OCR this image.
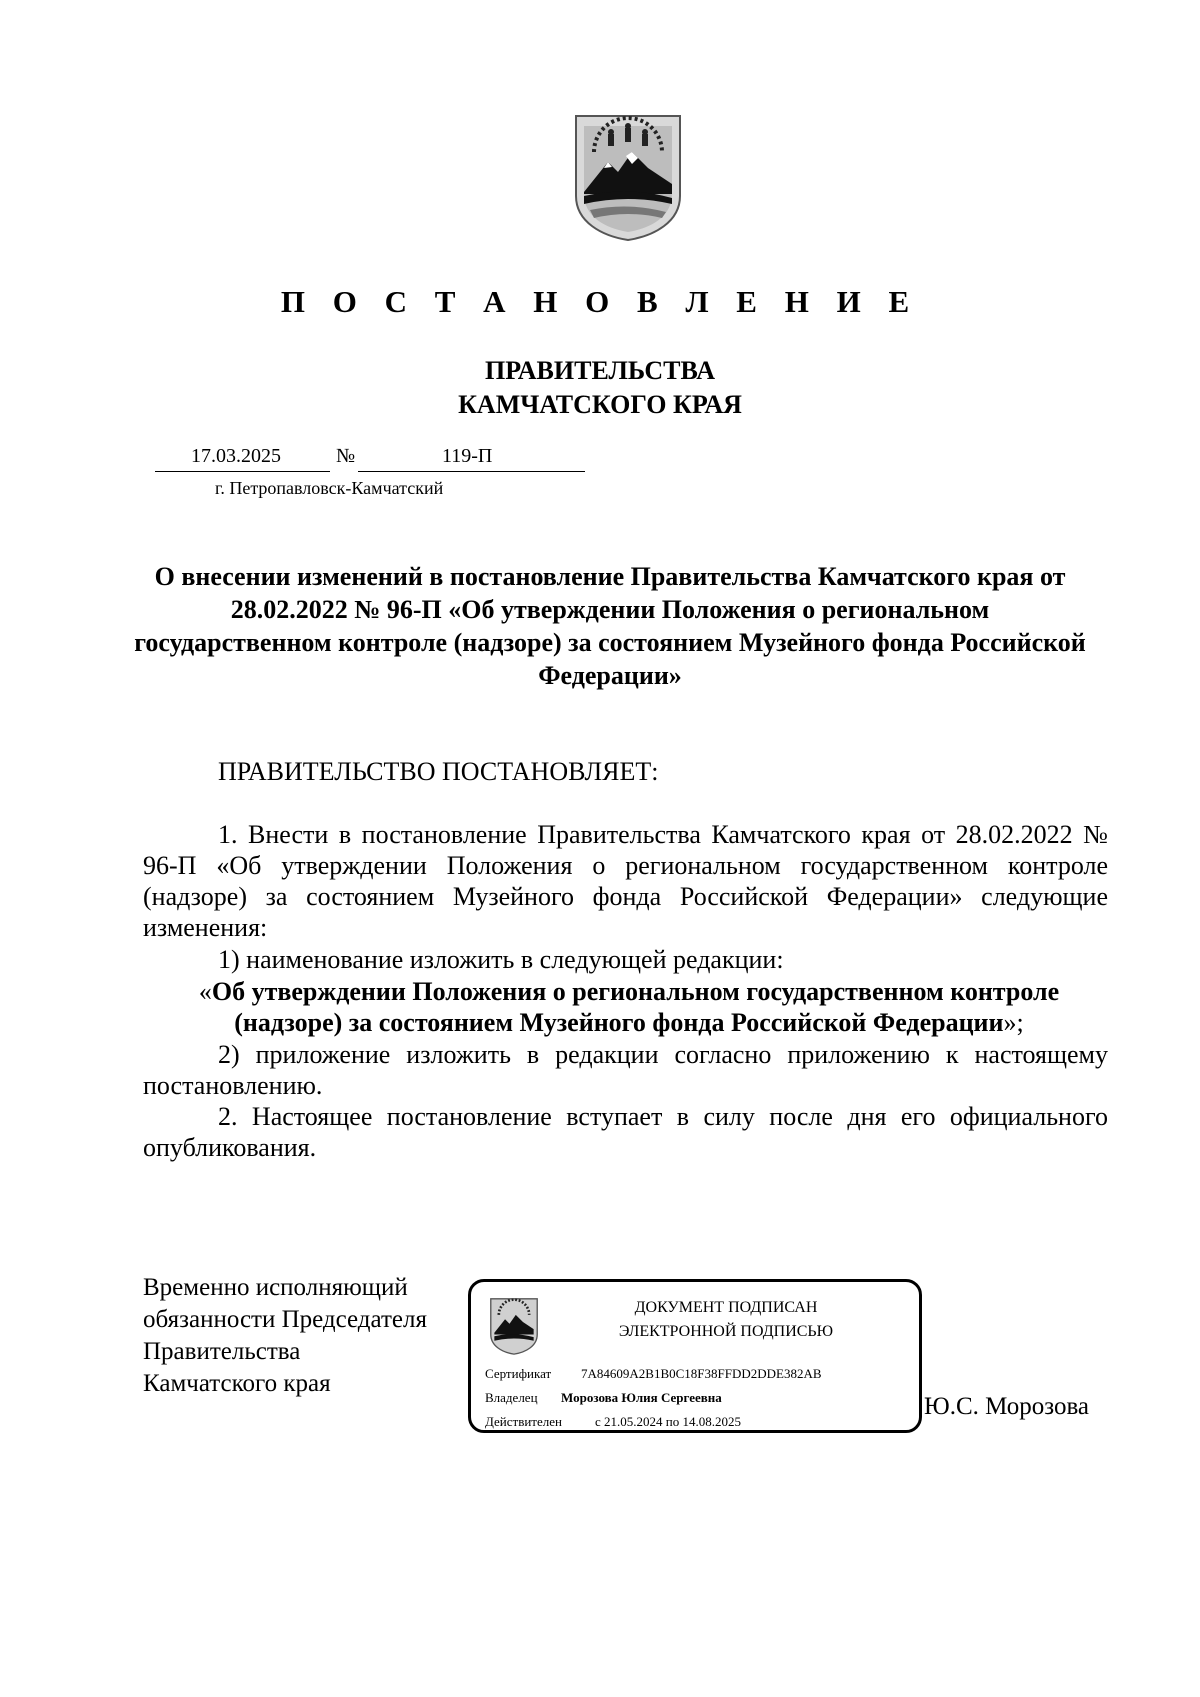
П О С Т А Н О В Л Е Н И Е
ПРАВИТЕЛЬСТВА
КАМЧАТСКОГО КРАЯ
17.03.2025	№	119-П
г. Петропавловск-Камчатский
О внесении изменений в постановление Правительства Камчатского края от 28.02.2022 № 96-П «Об утверждении Положения о региональном государственном контроле (надзоре) за состоянием Музейного фонда Российской Федерации»
ПРАВИТЕЛЬСТВО ПОСТАНОВЛЯЕТ:
1. Внести в постановление Правительства Камчатского края от 28.02.2022 № 96-П «Об утверждении Положения о региональном государственном контроле (надзоре) за состоянием Музейного фонда Российской Федерации» следующие изменения:
1) наименование изложить в следующей редакции:
«Об утверждении Положения о региональном государственном контроле (надзоре) за состоянием Музейного фонда Российской Федерации»;
2) приложение изложить в редакции согласно приложению к настоящему постановлению.
2. Настоящее постановление вступает в силу после дня его официального опубликования.
Временно исполняющий
обязанности Председателя
Правительства
Камчатского края
ДОКУМЕНТ ПОДПИСАН
ЭЛЕКТРОННОЙ ПОДПИСЬЮ
Сертификат 7A84609A2B1B0C18F38FFDD2DDE382AB
Владелец Морозова Юлия Сергеевна
Действителен	с 21.05.2024 по 14.08.2025
Ю.С. Морозова
